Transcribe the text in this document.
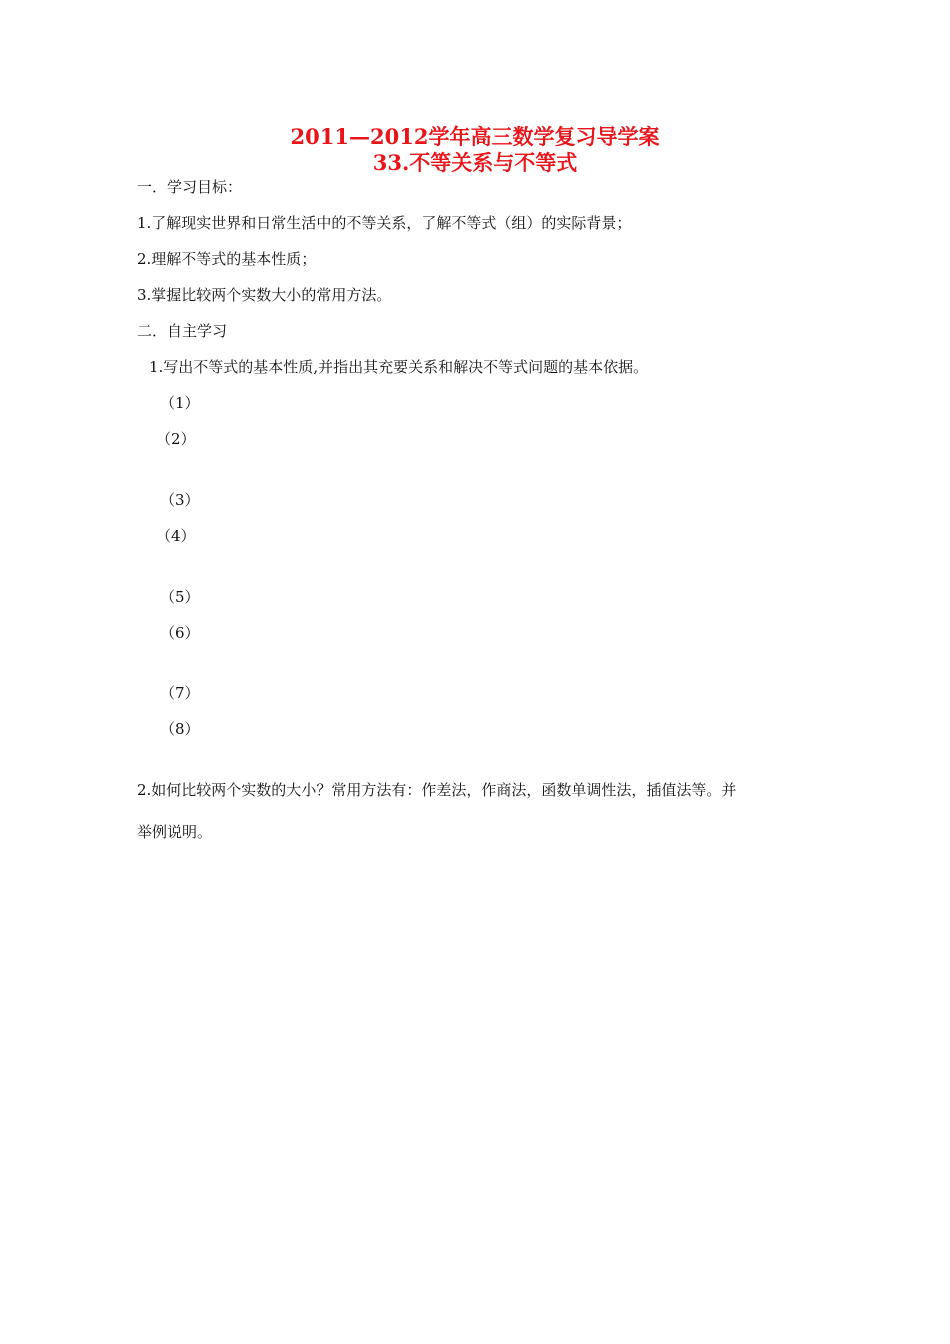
2011—2012学年高三数学复习导学案
33.不等关系与不等式
一．学习目标：
1.了解现实世界和日常生活中的不等关系，了解不等式（组）的实际背景；
2.理解不等式的基本性质；
3.掌握比较两个实数大小的常用方法。
二．自主学习
1.写出不等式的基本性质,并指出其充要关系和解决不等式问题的基本依据。
（1）
（2）
（3）
（4）
（5）
（6）
（7）
（8）
2.如何比较两个实数的大小？常用方法有：作差法，作商法，函数单调性法，插值法等。并
举例说明。
